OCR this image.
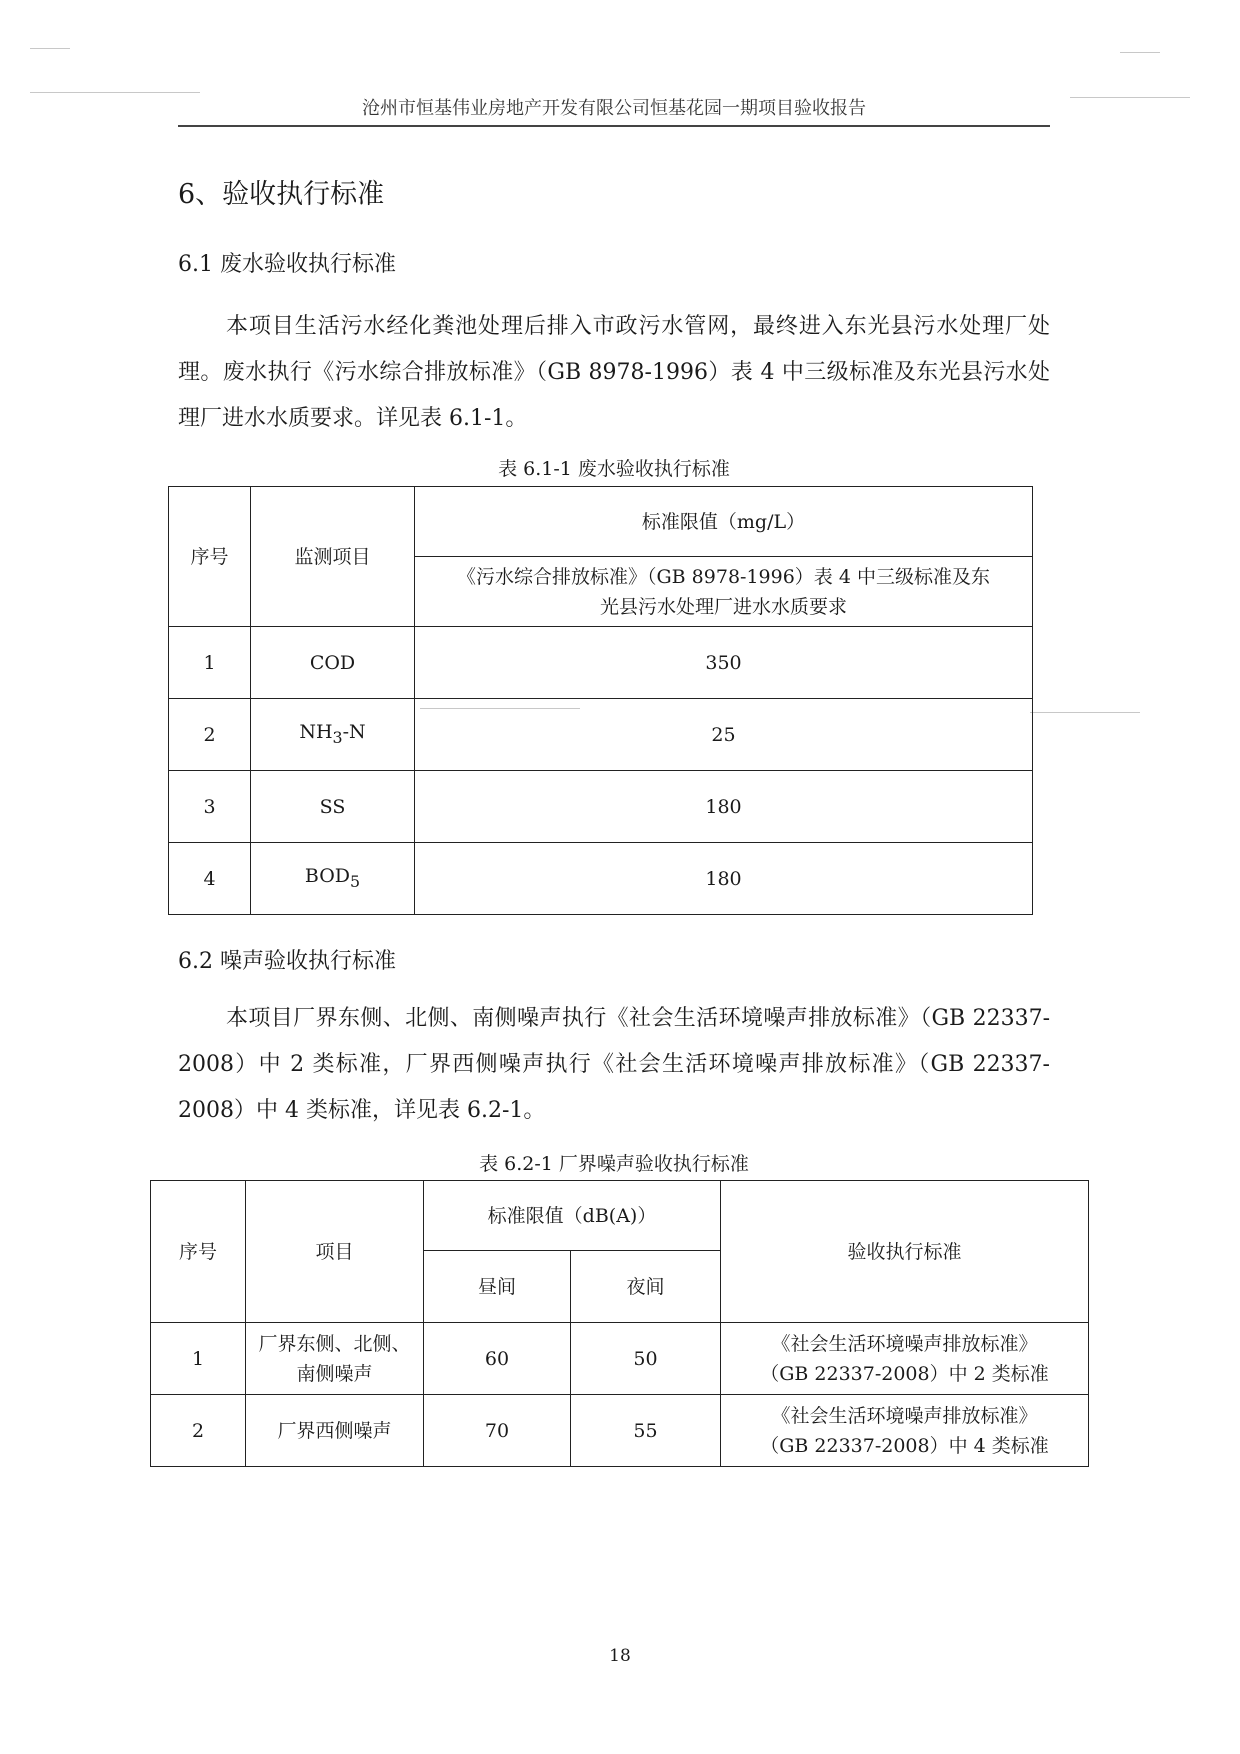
沧州市恒基伟业房地产开发有限公司恒基花园一期项目验收报告
6、验收执行标准
6.1 废水验收执行标准

本项目生活污水经化粪池处理后排入市政污水管网，最终进入东光县污水处理厂处理。废水执行《污水综合排放标准》（GB 8978-1996）表 4 中三级标准及东光县污水处理厂进水水质要求。详见表 6.1-1。

表 6.1-1 废水验收执行标准
序号	监测项目	标准限值（mg/L）
		《污水综合排放标准》（GB 8978-1996）表 4 中三级标准及东光县污水处理厂进水水质要求
1	COD	350
2	$NH_3-N$	25
3	SS	180
4	$BOD_5$	180
6.2 噪声验收执行标准

本项目厂界东侧、北侧、南侧噪声执行《社会生活环境噪声排放标准》（GB 22337-2008）中 2 类标准，厂界西侧噪声执行《社会生活环境噪声排放标准》（GB 22337-2008）中 4 类标准，详见表 6.2-1。

表 6.2-1 厂界噪声验收执行标准
序号	项目	标准限值（dB(A)）		验收执行标准
		昼间	夜间	
1	厂界东侧、北侧、南侧噪声	60	50	《社会生活环境噪声排放标准》
（GB 22337-2008）中 2 类标准

2	厂界西侧噪声	70	55	《社会生活环境噪声排放标准》
（GB 22337-2008）中 4 类标准
18
